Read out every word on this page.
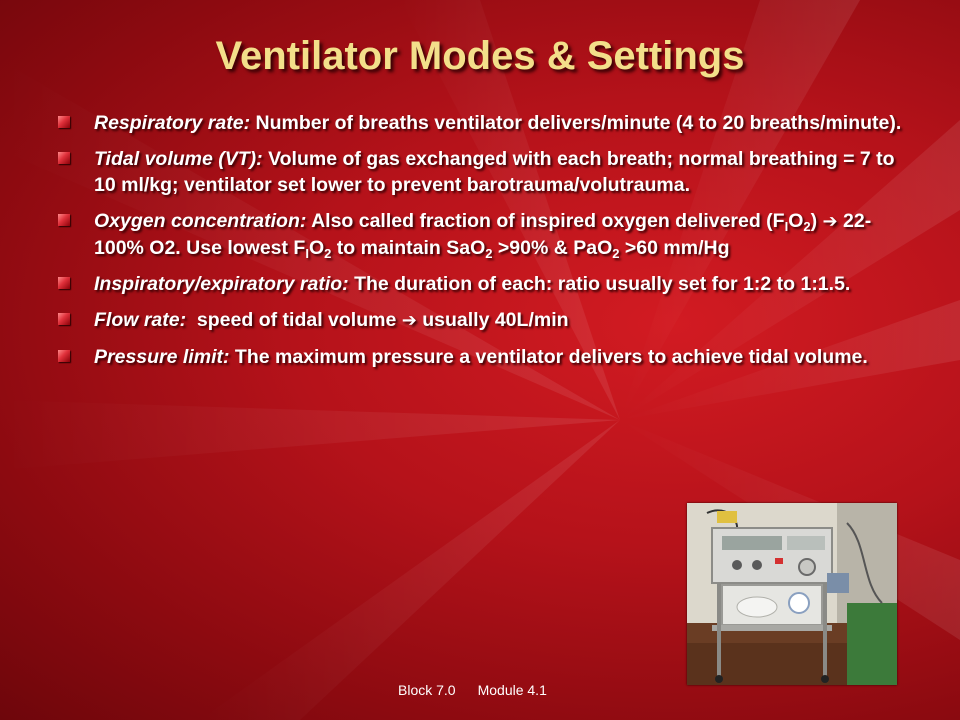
Ventilator Modes & Settings
Respiratory rate: Number of breaths ventilator delivers/minute (4 to 20 breaths/minute).
Tidal volume (VT): Volume of gas exchanged with each breath; normal breathing = 7 to 10 ml/kg; ventilator set lower to prevent barotrauma/volutrauma.
Oxygen concentration: Also called fraction of inspired oxygen delivered $(F_IO_2)$ ➔ 22-100% O2. Use lowest $F_IO_2$ to maintain SaO$_2$ >90% & PaO$_2$ >60 mm/Hg
Inspiratory/expiratory ratio: The duration of each: ratio usually set for 1:2 to 1:1.5.
Flow rate:  speed of tidal volume ➔ usually 40L/min
Pressure limit: The maximum pressure a ventilator delivers to achieve tidal volume.
Block 7.0 Module 4.1
